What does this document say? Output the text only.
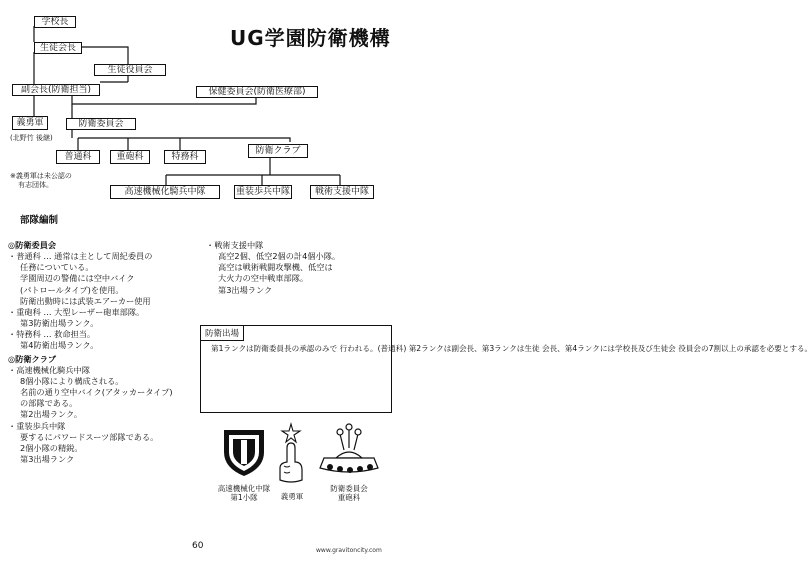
UG学園防衛機構
学校長
生徒会長
生徒役員会
副会長(防衛担当)	保健委員会(防衛医療部)
義勇軍	防衛委員会
普通科	重砲科	特務科
防衛クラブ
高速機械化騎兵中隊	重装歩兵中隊	戦術支援中隊
(北野竹 後継)
※義勇軍は未公認の
有志団体。
部隊編制
◎防衛委員会
・普通科 … 通常は主として周紀委員の
任務についている。
学園周辺の警備には空中バイク
(パトロールタイプ)を使用。
防衛出動時には武装エアーカー使用
・重砲科 … 大型レーザー砲車部隊。
第3防衛出場ランク。
・特務科 … 救命担当。
第4防衛出場ランク。
◎防衛クラブ
・高速機械化騎兵中隊
8個小隊により構成される。
名前の通り空中バイク(アタッカータイプ)
の部隊である。
第2出場ランク。
・重装歩兵中隊
要するにパワードスーツ部隊である。
2個小隊の精鋭。
第3出場ランク
・戦術支援中隊
高空2個、低空2個の計4個小隊。
高空は戦術戦闘攻撃機、低空は
大火力の空中戦車部隊。
第3出場ランク
防衛出場
第1ランクは防衛委員長の承認のみで 行われる。(普通科) 第2ランクは副会長、第3ランクは生徒 会長、第4ランクには学校長及び生徒会 役員会の7割以上の承認を必要とする。
高速機械化中隊
第1小隊	義勇軍
防衛委員会
重砲科
60	www.gravitoncity.com
